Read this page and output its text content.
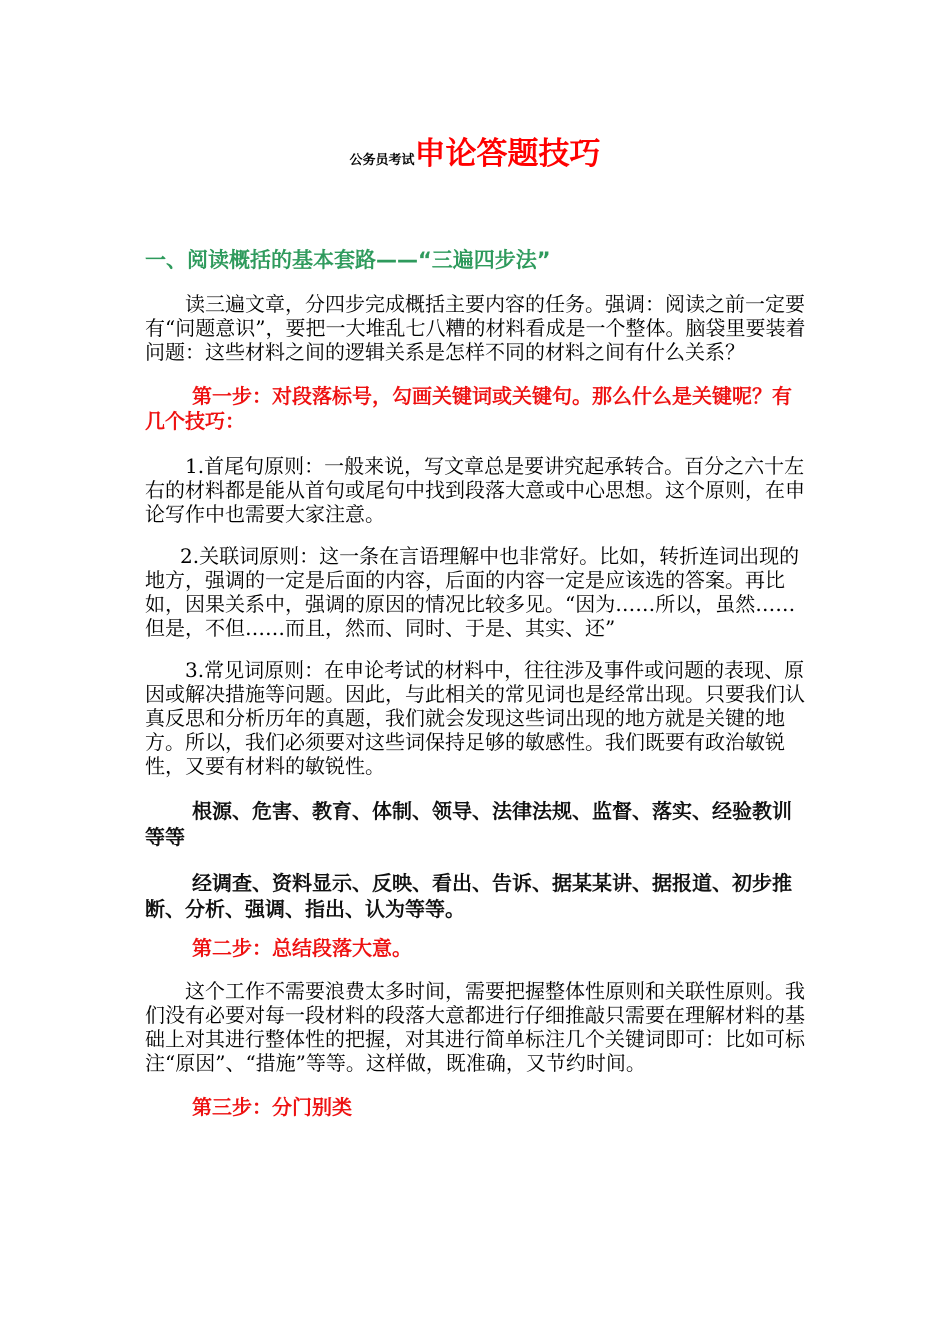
公务员考试申论答题技巧

一、阅读概括的基本套路——“三遍四步法”

读三遍文章，分四步完成概括主要内容的任务。强调：阅读之前一定要有“问题意识”，要把一大堆乱七八糟的材料看成是一个整体。脑袋里要装着问题：这些材料之间的逻辑关系是怎样不同的材料之间有什么关系？

第一步：对段落标号，勾画关键词或关键句。那么什么是关键呢？有几个技巧：

1.首尾句原则：一般来说，写文章总是要讲究起承转合。百分之六十左右的材料都是能从首句或尾句中找到段落大意或中心思想。这个原则，在申论写作中也需要大家注意。

2.关联词原则：这一条在言语理解中也非常好。比如，转折连词出现的地方，强调的一定是后面的内容，后面的内容一定是应该选的答案。再比如，因果关系中，强调的原因的情况比较多见。“因为……所以，虽然……但是，不但……而且，然而、同时、于是、其实、还”

3.常见词原则：在申论考试的材料中，往往涉及事件或问题的表现、原因或解决措施等问题。因此，与此相关的常见词也是经常出现。只要我们认真反思和分析历年的真题，我们就会发现这些词出现的地方就是关键的地方。所以，我们必须要对这些词保持足够的敏感性。我们既要有政治敏锐性，又要有材料的敏锐性。

根源、危害、教育、体制、领导、法律法规、监督、落实、经验教训等等

经调查、资料显示、反映、看出、告诉、据某某讲、据报道、初步推断、分析、强调、指出、认为等等。

第二步：总结段落大意。

这个工作不需要浪费太多时间，需要把握整体性原则和关联性原则。我们没有必要对每一段材料的段落大意都进行仔细推敲只需要在理解材料的基础上对其进行整体性的把握，对其进行简单标注几个关键词即可：比如可标注“原因”、“措施”等等。这样做，既准确，又节约时间。

第三步：分门别类
